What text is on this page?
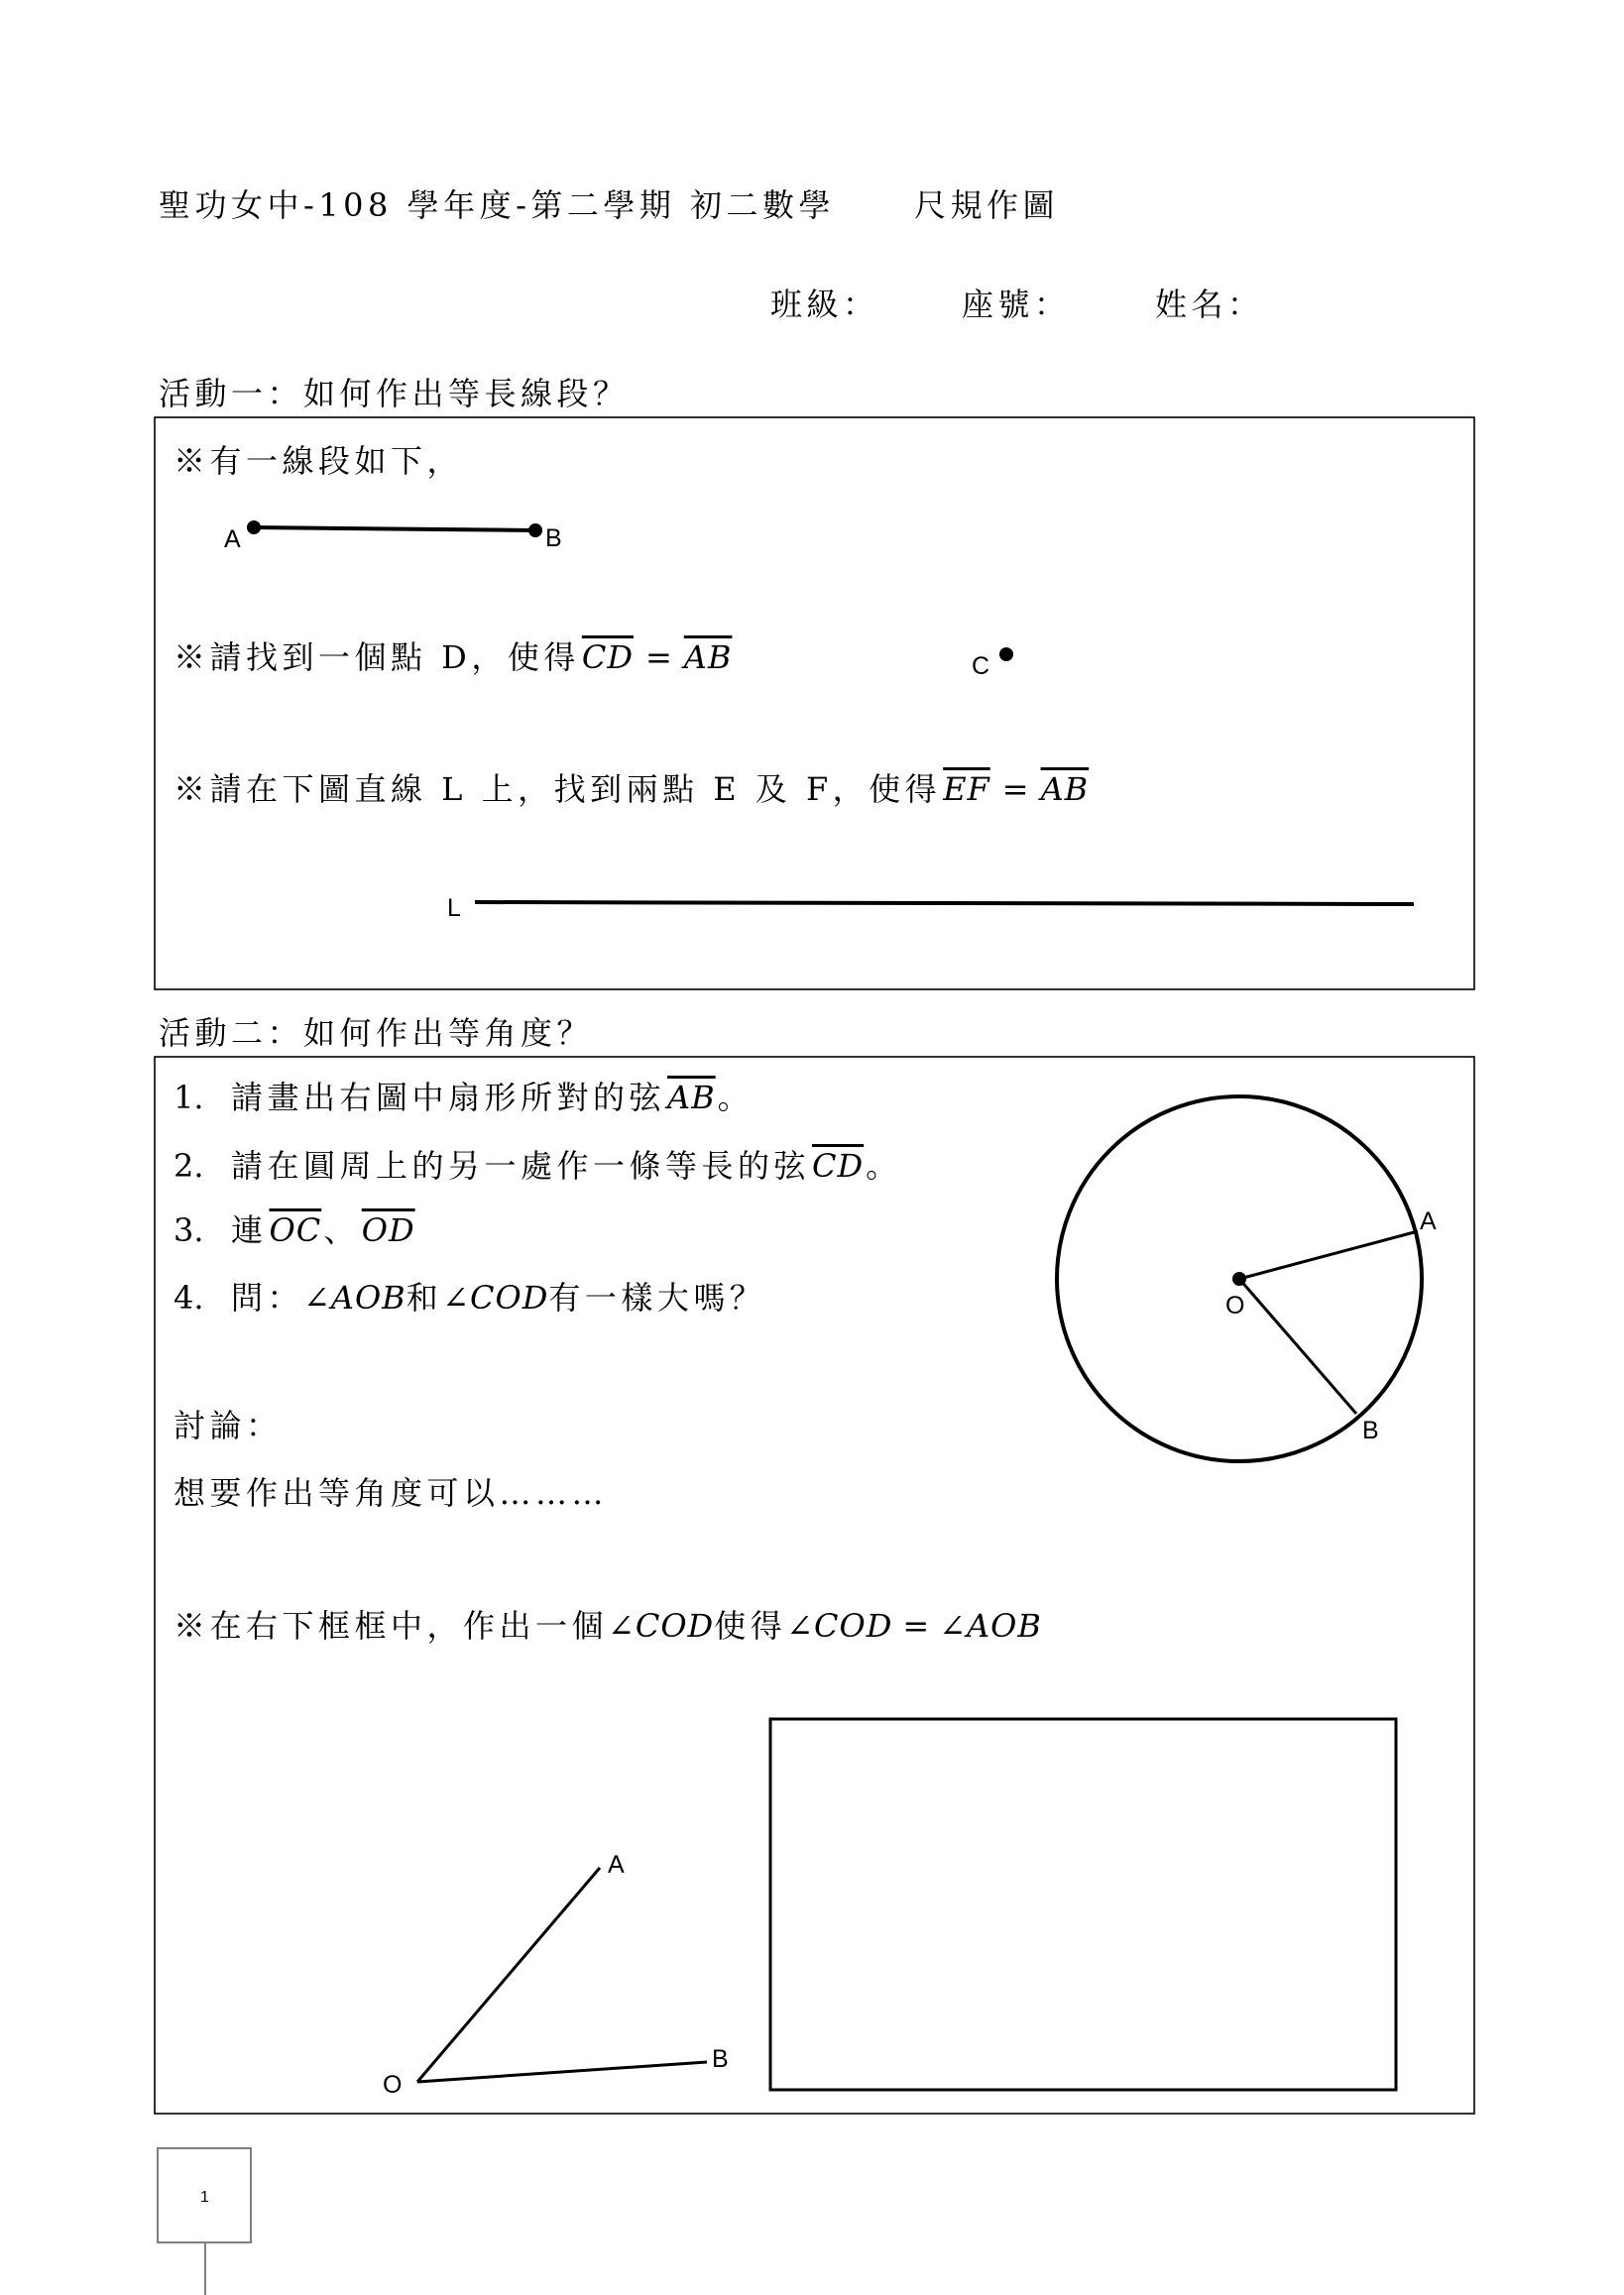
A	B
C
L
A
B
O
A
B
O
1
聖功女中-108 學年度-第二學期 初二數學 尺規作圖
班級：	座號：	姓名：
活動一：如何作出等長線段？
※有一線段如下，
※請找到一個點 D，使得$\overline{CD} = \overline{AB}$
※請在下圖直線 L 上，找到兩點 E 及 F，使得$\overline{EF} = \overline{AB}$
活動二：如何作出等角度？
1. 請畫出右圖中扇形所對的弦$\overline{AB}$。
2. 請在圓周上的另一處作一條等長的弦$\overline{CD}$。
3. 連$\overline{OC}$、$\overline{OD}$
4. 問：∠AOB和∠COD有一樣大嗎？
討論：
想要作出等角度可以………
※在右下框框中，作出一個∠COD使得∠COD = ∠AOB
